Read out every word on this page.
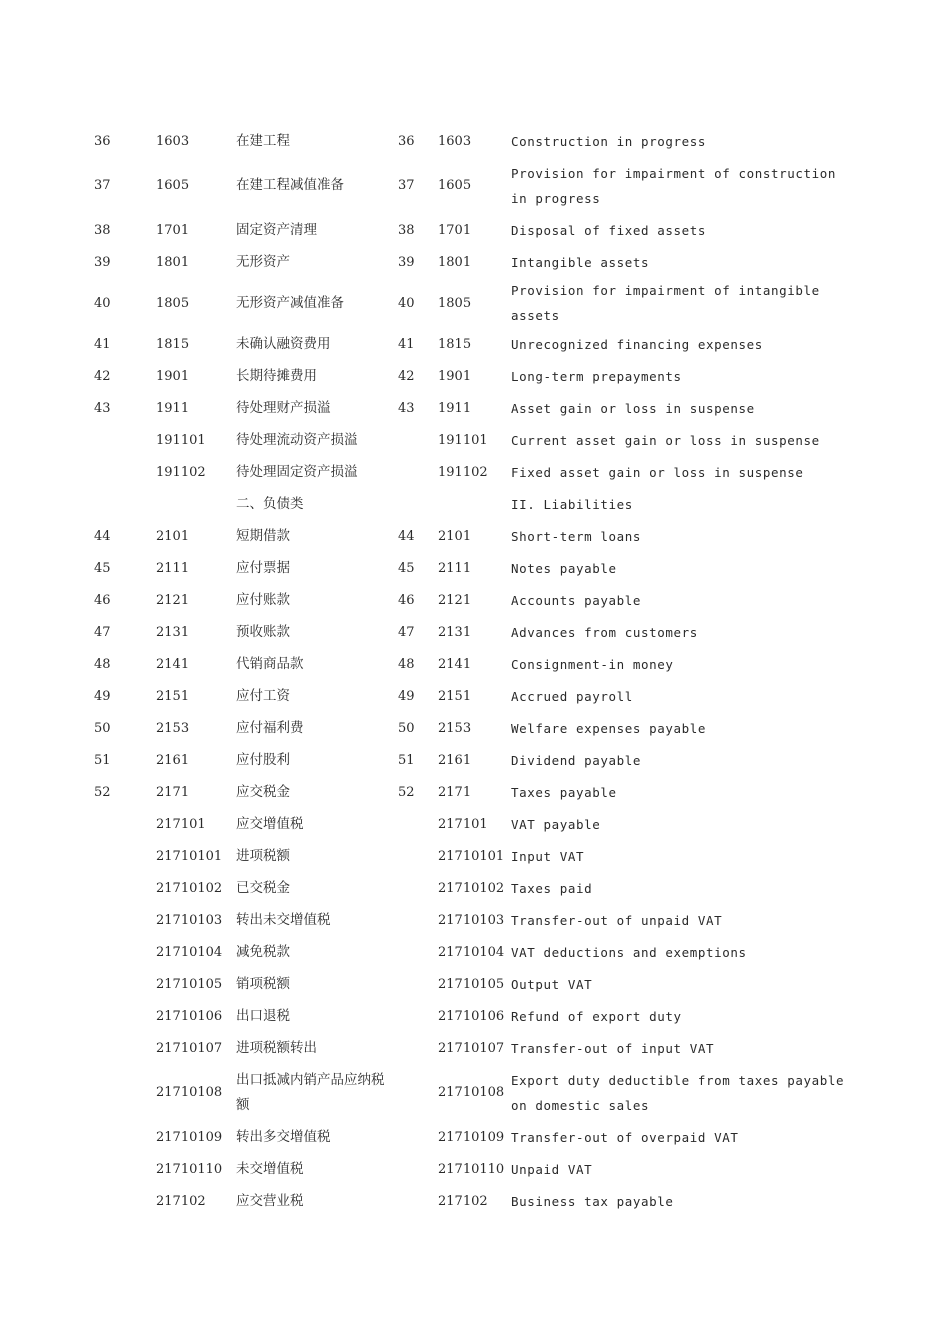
36	1603	在建工程	36	1603	Construction in progress
37	1605	在建工程减值准备	37	1605	Provision for impairment of construction in progress
38	1701	固定资产清理	38	1701	Disposal of fixed assets
39	1801	无形资产	39	1801	Intangible assets
40	1805	无形资产减值准备	40	1805	Provision for impairment of intangible assets
41	1815	未确认融资费用	41	1815	Unrecognized financing expenses
42	1901	长期待摊费用	42	1901	Long-term prepayments
43	1911	待处理财产损溢	43	1911	Asset gain or loss in suspense
	191101	待处理流动资产损溢		191101	Current asset gain or loss in suspense
	191102	待处理固定资产损溢		191102	Fixed asset gain or loss in suspense
		二、负债类			II. Liabilities
44	2101	短期借款	44	2101	Short-term loans
45	2111	应付票据	45	2111	Notes payable
46	2121	应付账款	46	2121	Accounts payable
47	2131	预收账款	47	2131	Advances from customers
48	2141	代销商品款	48	2141	Consignment-in money
49	2151	应付工资	49	2151	Accrued payroll
50	2153	应付福利费	50	2153	Welfare expenses payable
51	2161	应付股利	51	2161	Dividend payable
52	2171	应交税金	52	2171	Taxes payable
	217101	应交增值税		217101	VAT payable
	21710101	进项税额		21710101	Input VAT
	21710102	已交税金		21710102	Taxes paid
	21710103	转出未交增值税		21710103	Transfer-out of unpaid VAT
	21710104	减免税款		21710104	VAT deductions and exemptions
	21710105	销项税额		21710105	Output VAT
	21710106	出口退税		21710106	Refund of export duty
	21710107	进项税额转出		21710107	Transfer-out of input VAT
	21710108	出口抵减内销产品应纳税额		21710108	Export duty deductible from taxes payable on domestic sales
	21710109	转出多交增值税		21710109	Transfer-out of overpaid VAT
	21710110	未交增值税		21710110	Unpaid VAT
	217102	应交营业税		217102	Business tax payable
